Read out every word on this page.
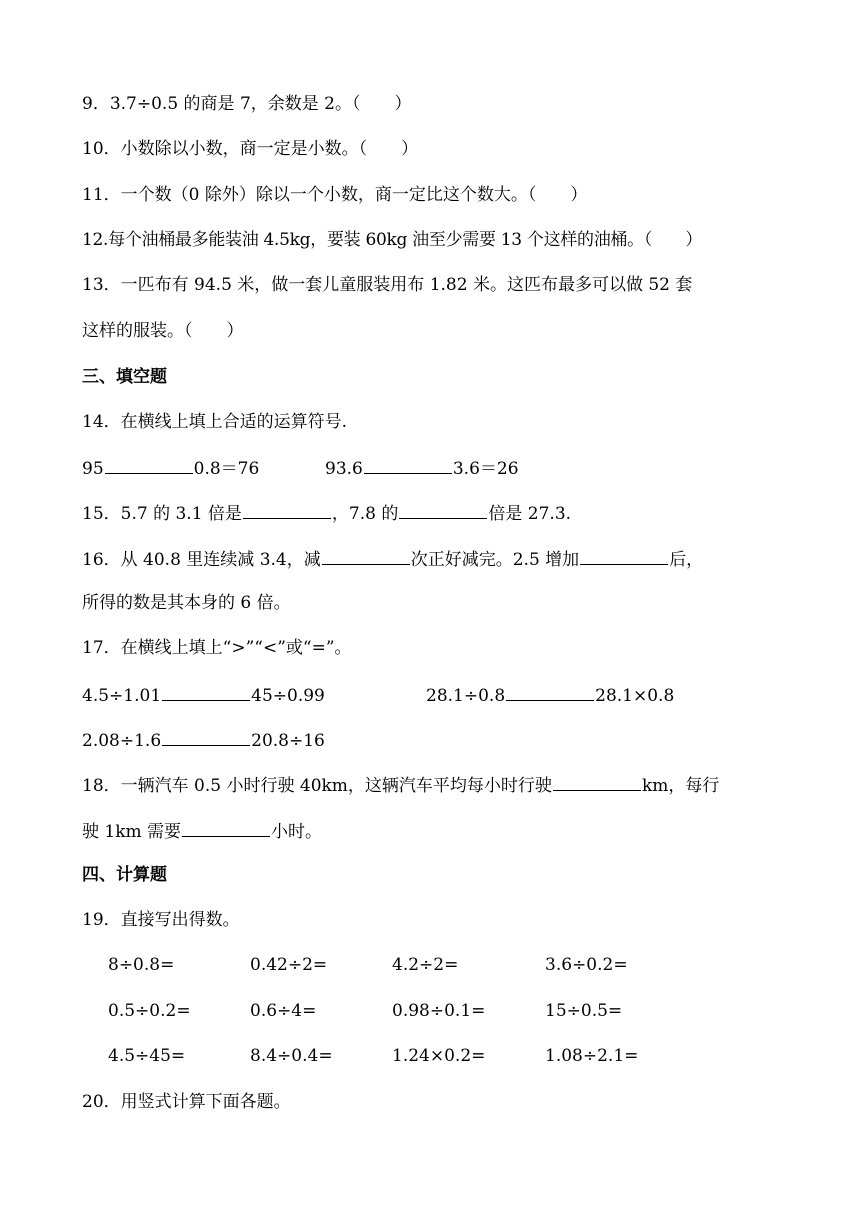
9．3.7÷0.5 的商是 7，余数是 2。（　　）
10．小数除以小数，商一定是小数。（　　）
11．一个数（0 除外）除以一个小数，商一定比这个数大。（　　）
12.每个油桶最多能装油 4.5kg，要装 60kg 油至少需要 13 个这样的油桶。（　　）
13．一匹布有 94.5 米，做一套儿童服装用布 1.82 米。这匹布最多可以做 52 套
这样的服装。（　　）
三、填空题
14．在横线上填上合适的运算符号.
95	0.8＝76	93.6	3.6＝26
15．5.7 的 3.1 倍是	，7.8 的	倍是 27.3.
16．从 40.8 里连续减 3.4，减	次正好减完。2.5 增加	后，
所得的数是其本身的 6 倍。
17．在横线上填上“>”“<”或“=”。
4.5÷1.01	45÷0.99	28.1÷0.8	28.1×0.8
2.08÷1.6	20.8÷16
18．一辆汽车 0.5 小时行驶 40km，这辆汽车平均每小时行驶	km，每行
驶 1km 需要	小时。
四、计算题
19．直接写出得数。
8÷0.8=	0.42÷2=	4.2÷2=	3.6÷0.2=
0.5÷0.2=	0.6÷4=	0.98÷0.1=	15÷0.5=
4.5÷45=	8.4÷0.4=	1.24×0.2=	1.08÷2.1=
20．用竖式计算下面各题。
